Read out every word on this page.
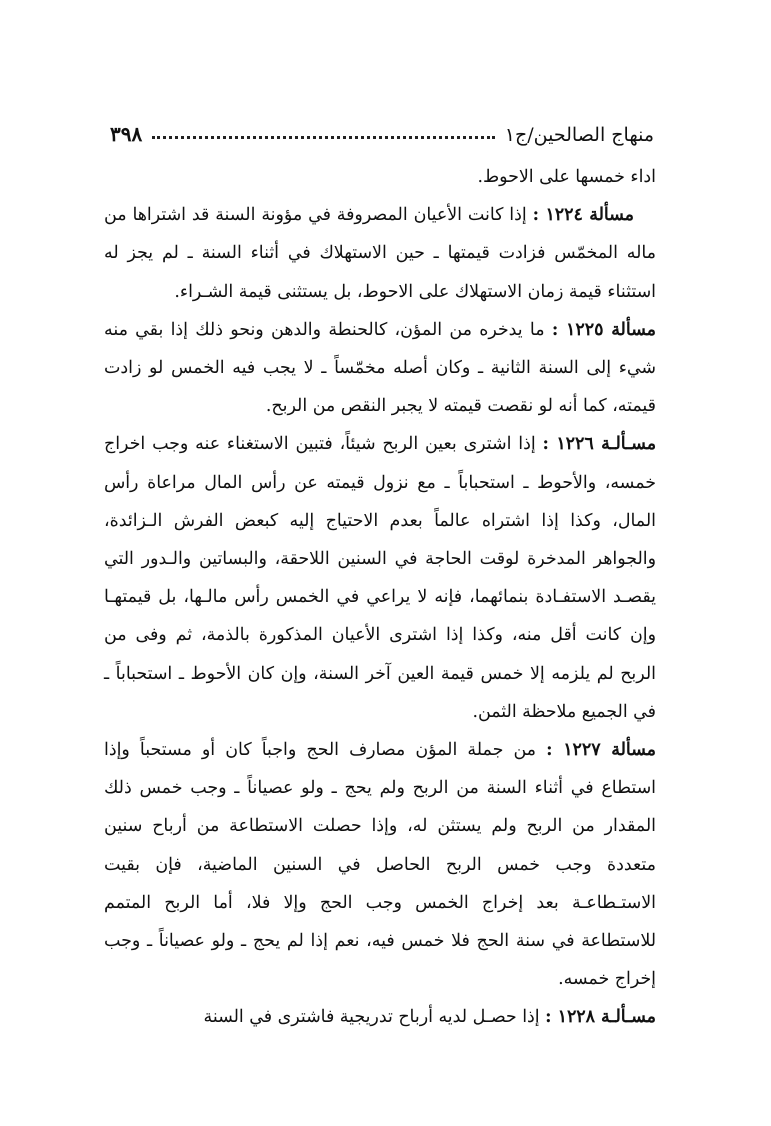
٣٩٨	منهاج الصالحين/ج١

اداء خمسها على الاحوط.

مسألة ١٢٢٤ : إذا كانت الأعيان المصروفة في مؤونة السنة قد اشتراها من ماله المخمّس فزادت قيمتها ـ حين الاستهلاك في أثناء السنة ـ لم يجز له استثناء قيمة زمان الاستهلاك على الاحوط، بل يستثنى قيمة الشـراء.

مسألة ١٢٢٥ : ما يدخره من المؤن، كالحنطة والدهن ونحو ذلك إذا بقي منه شيء إلى السنة الثانية ـ وكان أصله مخمّساً ـ لا يجب فيه الخمس لو زادت قيمته، كما أنه لو نقصت قيمته لا يجبر النقص من الربح.

مسـألـة ١٢٢٦ : إذا اشترى بعين الربح شيئاً، فتبين الاستغناء عنه وجب اخراج خمسه، والأحوط ـ استحباباً ـ مع نزول قيمته عن رأس المال مراعاة رأس المال، وكذا إذا اشتراه عالماً بعدم الاحتياج إليه كبعض الفرش الـزائدة، والجواهر المدخرة لوقت الحاجة في السنين اللاحقة، والبساتين والـدور التي يقصـد الاستفـادة بنمائهما، فإنه لا يراعي في الخمس رأس مالـها، بل قيمتهـا وإن كانت أقل منه، وكذا إذا اشترى الأعيان المذكورة بالذمة، ثم وفى من الربح لم يلزمه إلا خمس قيمة العين آخر السنة، وإن كان الأحوط ـ استحباباً ـ في الجميع ملاحظة الثمن.

مسألة ١٢٢٧ : من جملة المؤن مصارف الحج واجباً كان أو مستحباً وإذا استطاع في أثناء السنة من الربح ولم يحج ـ ولو عصياناً ـ وجب خمس ذلك المقدار من الربح ولم يستثن له، وإذا حصلت الاستطاعة من أرباح سنين متعددة وجب خمس الربح الحاصل في السنين الماضية، فإن بقيت الاستـطاعـة بعد إخراج الخمس وجب الحج وإلا فلا، أما الربح المتمم للاستطاعة في سنة الحج فلا خمس فيه، نعم إذا لم يحج ـ ولو عصياناً ـ وجب إخراج خمسه.

مسـألـة ١٢٢٨ : إذا حصـل لديه أرباح تدريجية فاشترى في السنة
